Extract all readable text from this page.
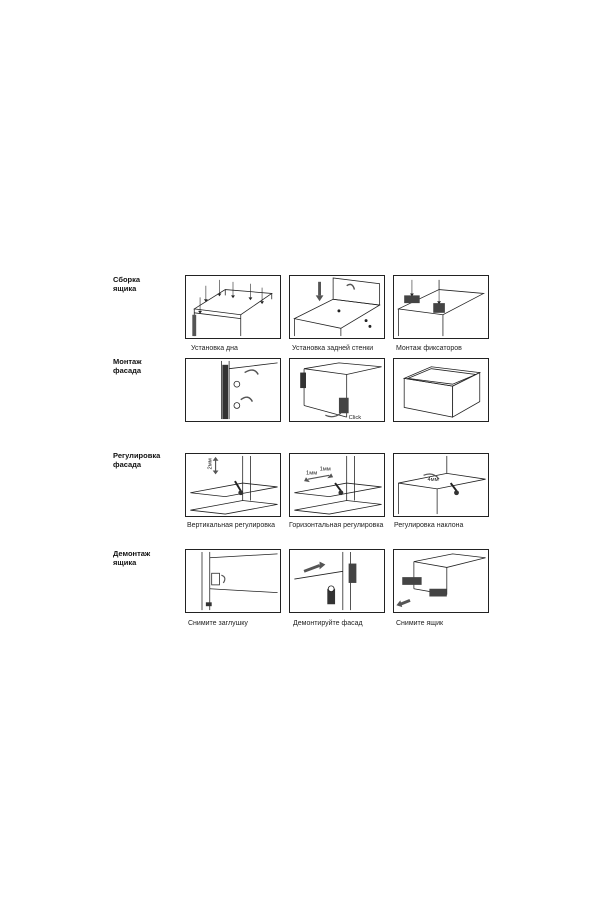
Сборка
ящика
Установка дна	Установка задней стенки	Монтаж фиксаторов
Монтаж
фасада
Click
Регулировка
фасада	2мм
Вертикальная регулировка
1мм
1мм
Горизонтальная регулировка
4мм
Регулировка наклона
Демонтаж
ящика
Снимите заглушку	Демонтируйте фасад	Снимите ящик
